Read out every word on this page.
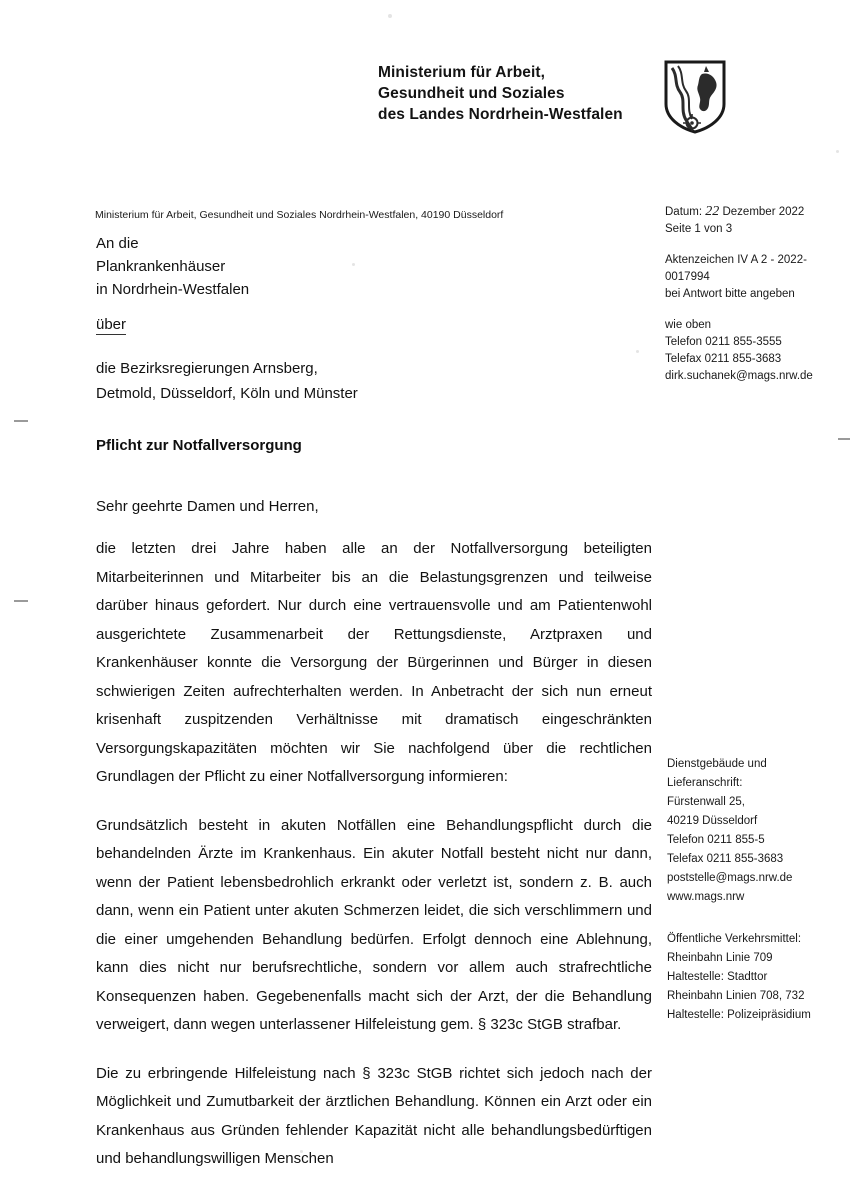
Ministerium für Arbeit,
Gesundheit und Soziales
des Landes Nordrhein-Westfalen
Ministerium für Arbeit, Gesundheit und Soziales Nordrhein-Westfalen, 40190 Düsseldorf
An die
Plankrankenhäuser
in Nordrhein-Westfalen
über
die Bezirksregierungen Arnsberg,
Detmold, Düsseldorf, Köln und Münster
Datum: 22 Dezember 2022
Seite 1 von 3
Aktenzeichen IV A 2 - 2022-
0017994
bei Antwort bitte angeben
wie oben
Telefon 0211 855-3555
Telefax 0211 855-3683
dirk.suchanek@mags.nrw.de
Pflicht zur Notfallversorgung
Sehr geehrte Damen und Herren,

die letzten drei Jahre haben alle an der Notfallversorgung beteiligten Mitarbeiterinnen und Mitarbeiter bis an die Belastungsgrenzen und teilweise darüber hinaus gefordert. Nur durch eine vertrauensvolle und am Patientenwohl ausgerichtete Zusammenarbeit der Rettungsdienste, Arztpraxen und Krankenhäuser konnte die Versorgung der Bürgerinnen und Bürger in diesen schwierigen Zeiten aufrechterhalten werden. In Anbetracht der sich nun erneut krisenhaft zuspitzenden Verhältnisse mit dramatisch eingeschränkten Versorgungskapazitäten möchten wir Sie nachfolgend über die rechtlichen Grundlagen der Pflicht zu einer Notfallversorgung informieren:

Grundsätzlich besteht in akuten Notfällen eine Behandlungspflicht durch die behandelnden Ärzte im Krankenhaus. Ein akuter Notfall besteht nicht nur dann, wenn der Patient lebensbedrohlich erkrankt oder verletzt ist, sondern z. B. auch dann, wenn ein Patient unter akuten Schmerzen leidet, die sich verschlimmern und die einer umgehenden Behandlung bedürfen. Erfolgt dennoch eine Ablehnung, kann dies nicht nur berufsrechtliche, sondern vor allem auch strafrechtliche Konsequenzen haben. Gegebenenfalls macht sich der Arzt, der die Behandlung verweigert, dann wegen unterlassener Hilfeleistung gem. § 323c StGB strafbar.

Die zu erbringende Hilfeleistung nach § 323c StGB richtet sich jedoch nach der Möglichkeit und Zumutbarkeit der ärztlichen Behandlung. Können ein Arzt oder ein Krankenhaus aus Gründen fehlender Kapazität nicht alle behandlungsbedürftigen und behandlungswilligen Menschen

Dienstgebäude und
Lieferanschrift:
Fürstenwall 25,
40219 Düsseldorf
Telefon 0211 855-5
Telefax 0211 855-3683
poststelle@mags.nrw.de
www.mags.nrw
Öffentliche Verkehrsmittel:
Rheinbahn Linie 709
Haltestelle: Stadttor
Rheinbahn Linien 708, 732
Haltestelle: Polizeipräsidium
